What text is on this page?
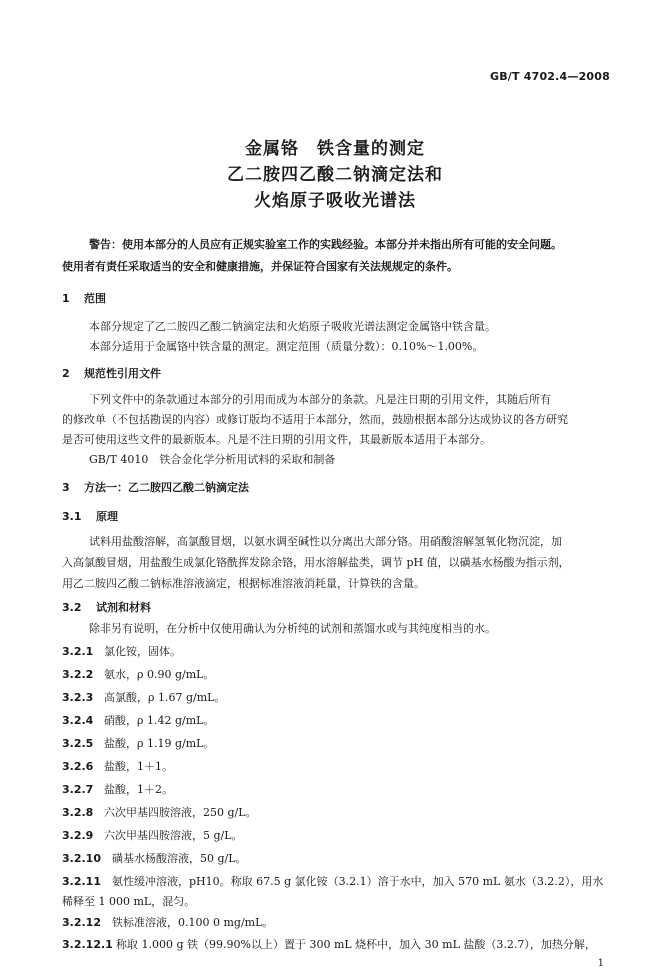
GB/T 4702.4—2008
金属铬　铁含量的测定
乙二胺四乙酸二钠滴定法和
火焰原子吸收光谱法
警告：使用本部分的人员应有正规实验室工作的实践经验。本部分并未指出所有可能的安全问题。
使用者有责任采取适当的安全和健康措施，并保证符合国家有关法规规定的条件。
1 范围
本部分规定了乙二胺四乙酸二钠滴定法和火焰原子吸收光谱法测定金属铬中铁含量。
本部分适用于金属铬中铁含量的测定。测定范围（质量分数）：0.10%～1.00%。
2 规范性引用文件
下列文件中的条款通过本部分的引用而成为本部分的条款。凡是注日期的引用文件，其随后所有
的修改单（不包括勘误的内容）或修订版均不适用于本部分，然而，鼓励根据本部分达成协议的各方研究
是否可使用这些文件的最新版本。凡是不注日期的引用文件，其最新版本适用于本部分。
GB/T 4010　铁合金化学分析用试料的采取和制备
3 方法一：乙二胺四乙酸二钠滴定法
3.1 原理
试料用盐酸溶解，高氯酸冒烟，以氨水调至碱性以分离出大部分铬。用硝酸溶解氢氧化物沉淀，加
入高氯酸冒烟，用盐酸生成氯化铬酰挥发除余铬，用水溶解盐类，调节 pH 值，以磺基水杨酸为指示剂，
用乙二胺四乙酸二钠标准溶液滴定，根据标准溶液消耗量，计算铁的含量。
3.2 试剂和材料
除非另有说明，在分析中仅使用确认为分析纯的试剂和蒸馏水或与其纯度相当的水。
3.2.1 氯化铵，固体。
3.2.2 氨水，ρ 0.90 g/mL。
3.2.3 高氯酸，ρ 1.67 g/mL。
3.2.4 硝酸，ρ 1.42 g/mL。
3.2.5 盐酸，ρ 1.19 g/mL。
3.2.6 盐酸，1＋1。
3.2.7 盐酸，1＋2。
3.2.8 六次甲基四胺溶液，250 g/L。
3.2.9 六次甲基四胺溶液，5 g/L。
3.2.10 磺基水杨酸溶液，50 g/L。
3.2.11 氨性缓冲溶液，pH10。称取 67.5 g 氯化铵（3.2.1）溶于水中，加入 570 mL 氨水（3.2.2），用水
稀释至 1 000 mL，混匀。
3.2.12 铁标准溶液，0.100 0 mg/mL。
3.2.12.1 称取 1.000 g 铁（99.90%以上）置于 300 mL 烧杯中，加入 30 mL 盐酸（3.2.7），加热分解，
1
